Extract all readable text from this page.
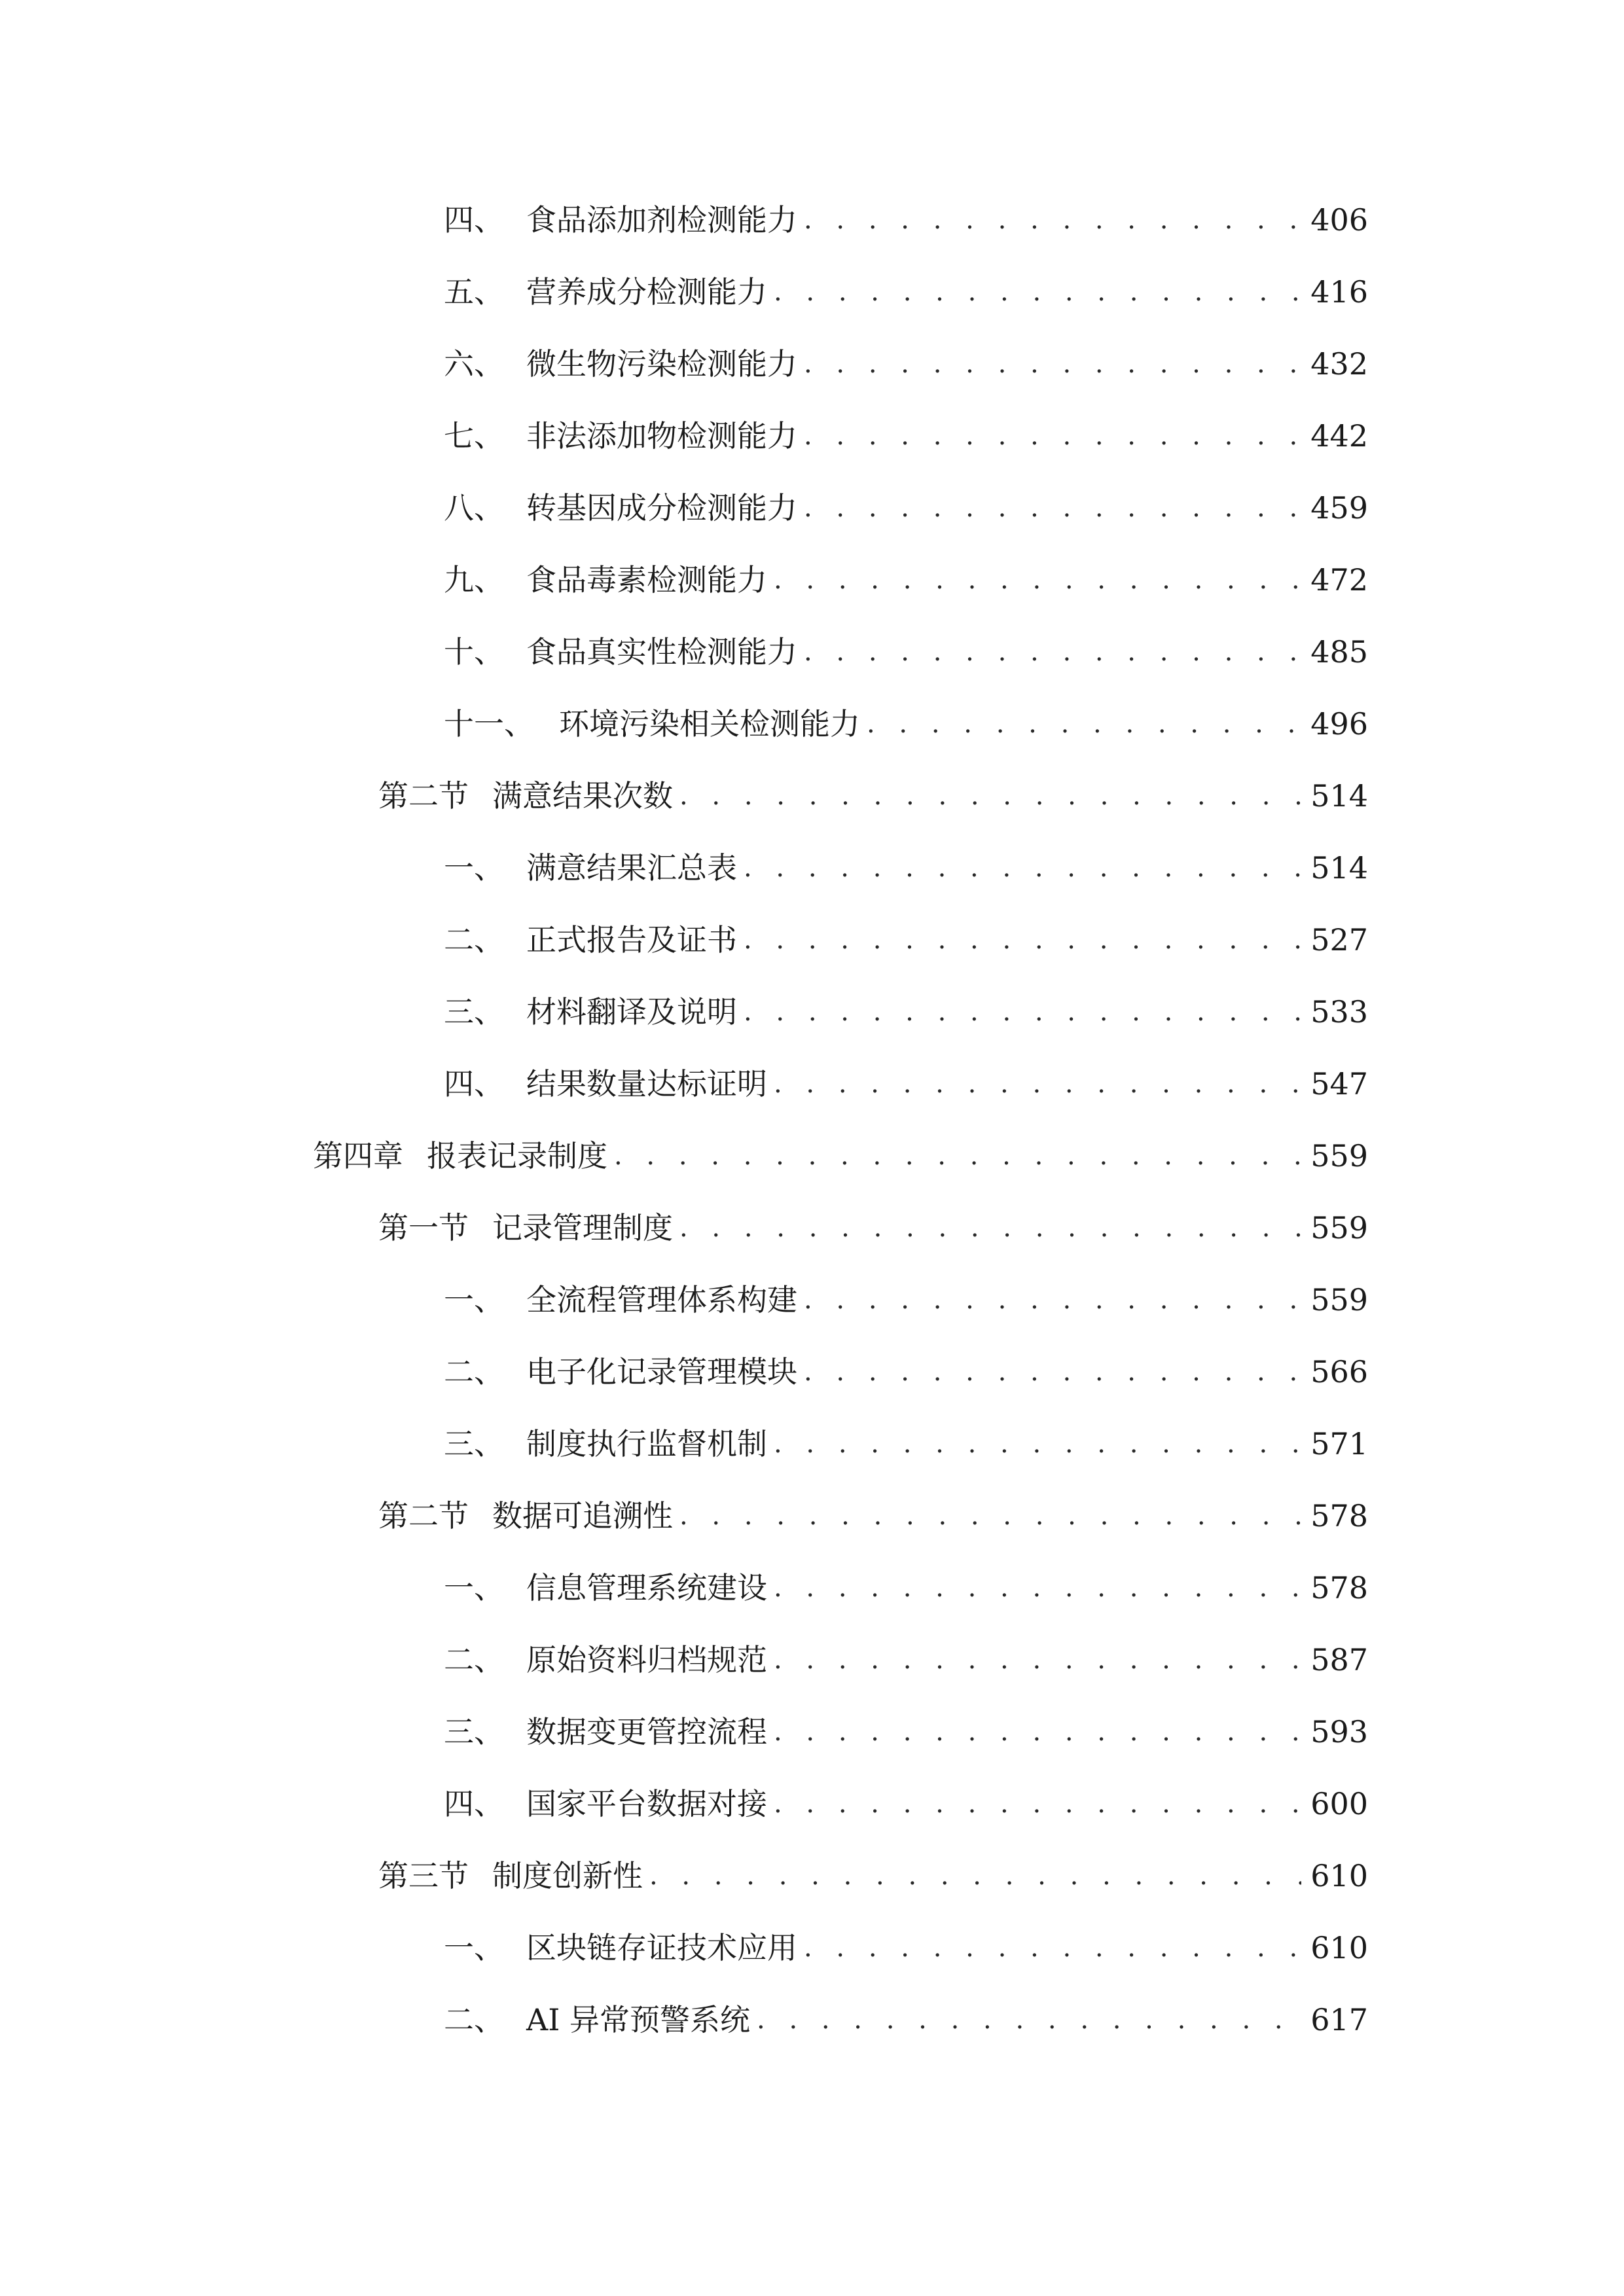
四、 食品添加剂检测能力 . . .	406
五、 营养成分检测能力 . . .	416
六、 微生物污染检测能力 . . .	432
七、 非法添加物检测能力 . . .	442
八、 转基因成分检测能力 . . .	459
九、 食品毒素检测能力 . . .	472
十、 食品真实性检测能力 . . .	485
十一、 环境污染相关检测能力 . . .	496
第二节 满意结果次数 . . .	514
一、 满意结果汇总表 . . .	514
二、 正式报告及证书 . . .	527
三、 材料翻译及说明 . . .	533
四、 结果数量达标证明 . . .	547
第四章 报表记录制度 . . .	559
第一节 记录管理制度 . . .	559
一、 全流程管理体系构建 . . .	559
二、 电子化记录管理模块 . . .	566
三、 制度执行监督机制 . . .	571
第二节 数据可追溯性 . . .	578
一、 信息管理系统建设 . . .	578
二、 原始资料归档规范 . . .	587
三、 数据变更管控流程 . . .	593
四、 国家平台数据对接 . . .	600
第三节 制度创新性 . . .	610
一、 区块链存证技术应用 . . .	610
二、 AI 异常预警系统 . . .	617
